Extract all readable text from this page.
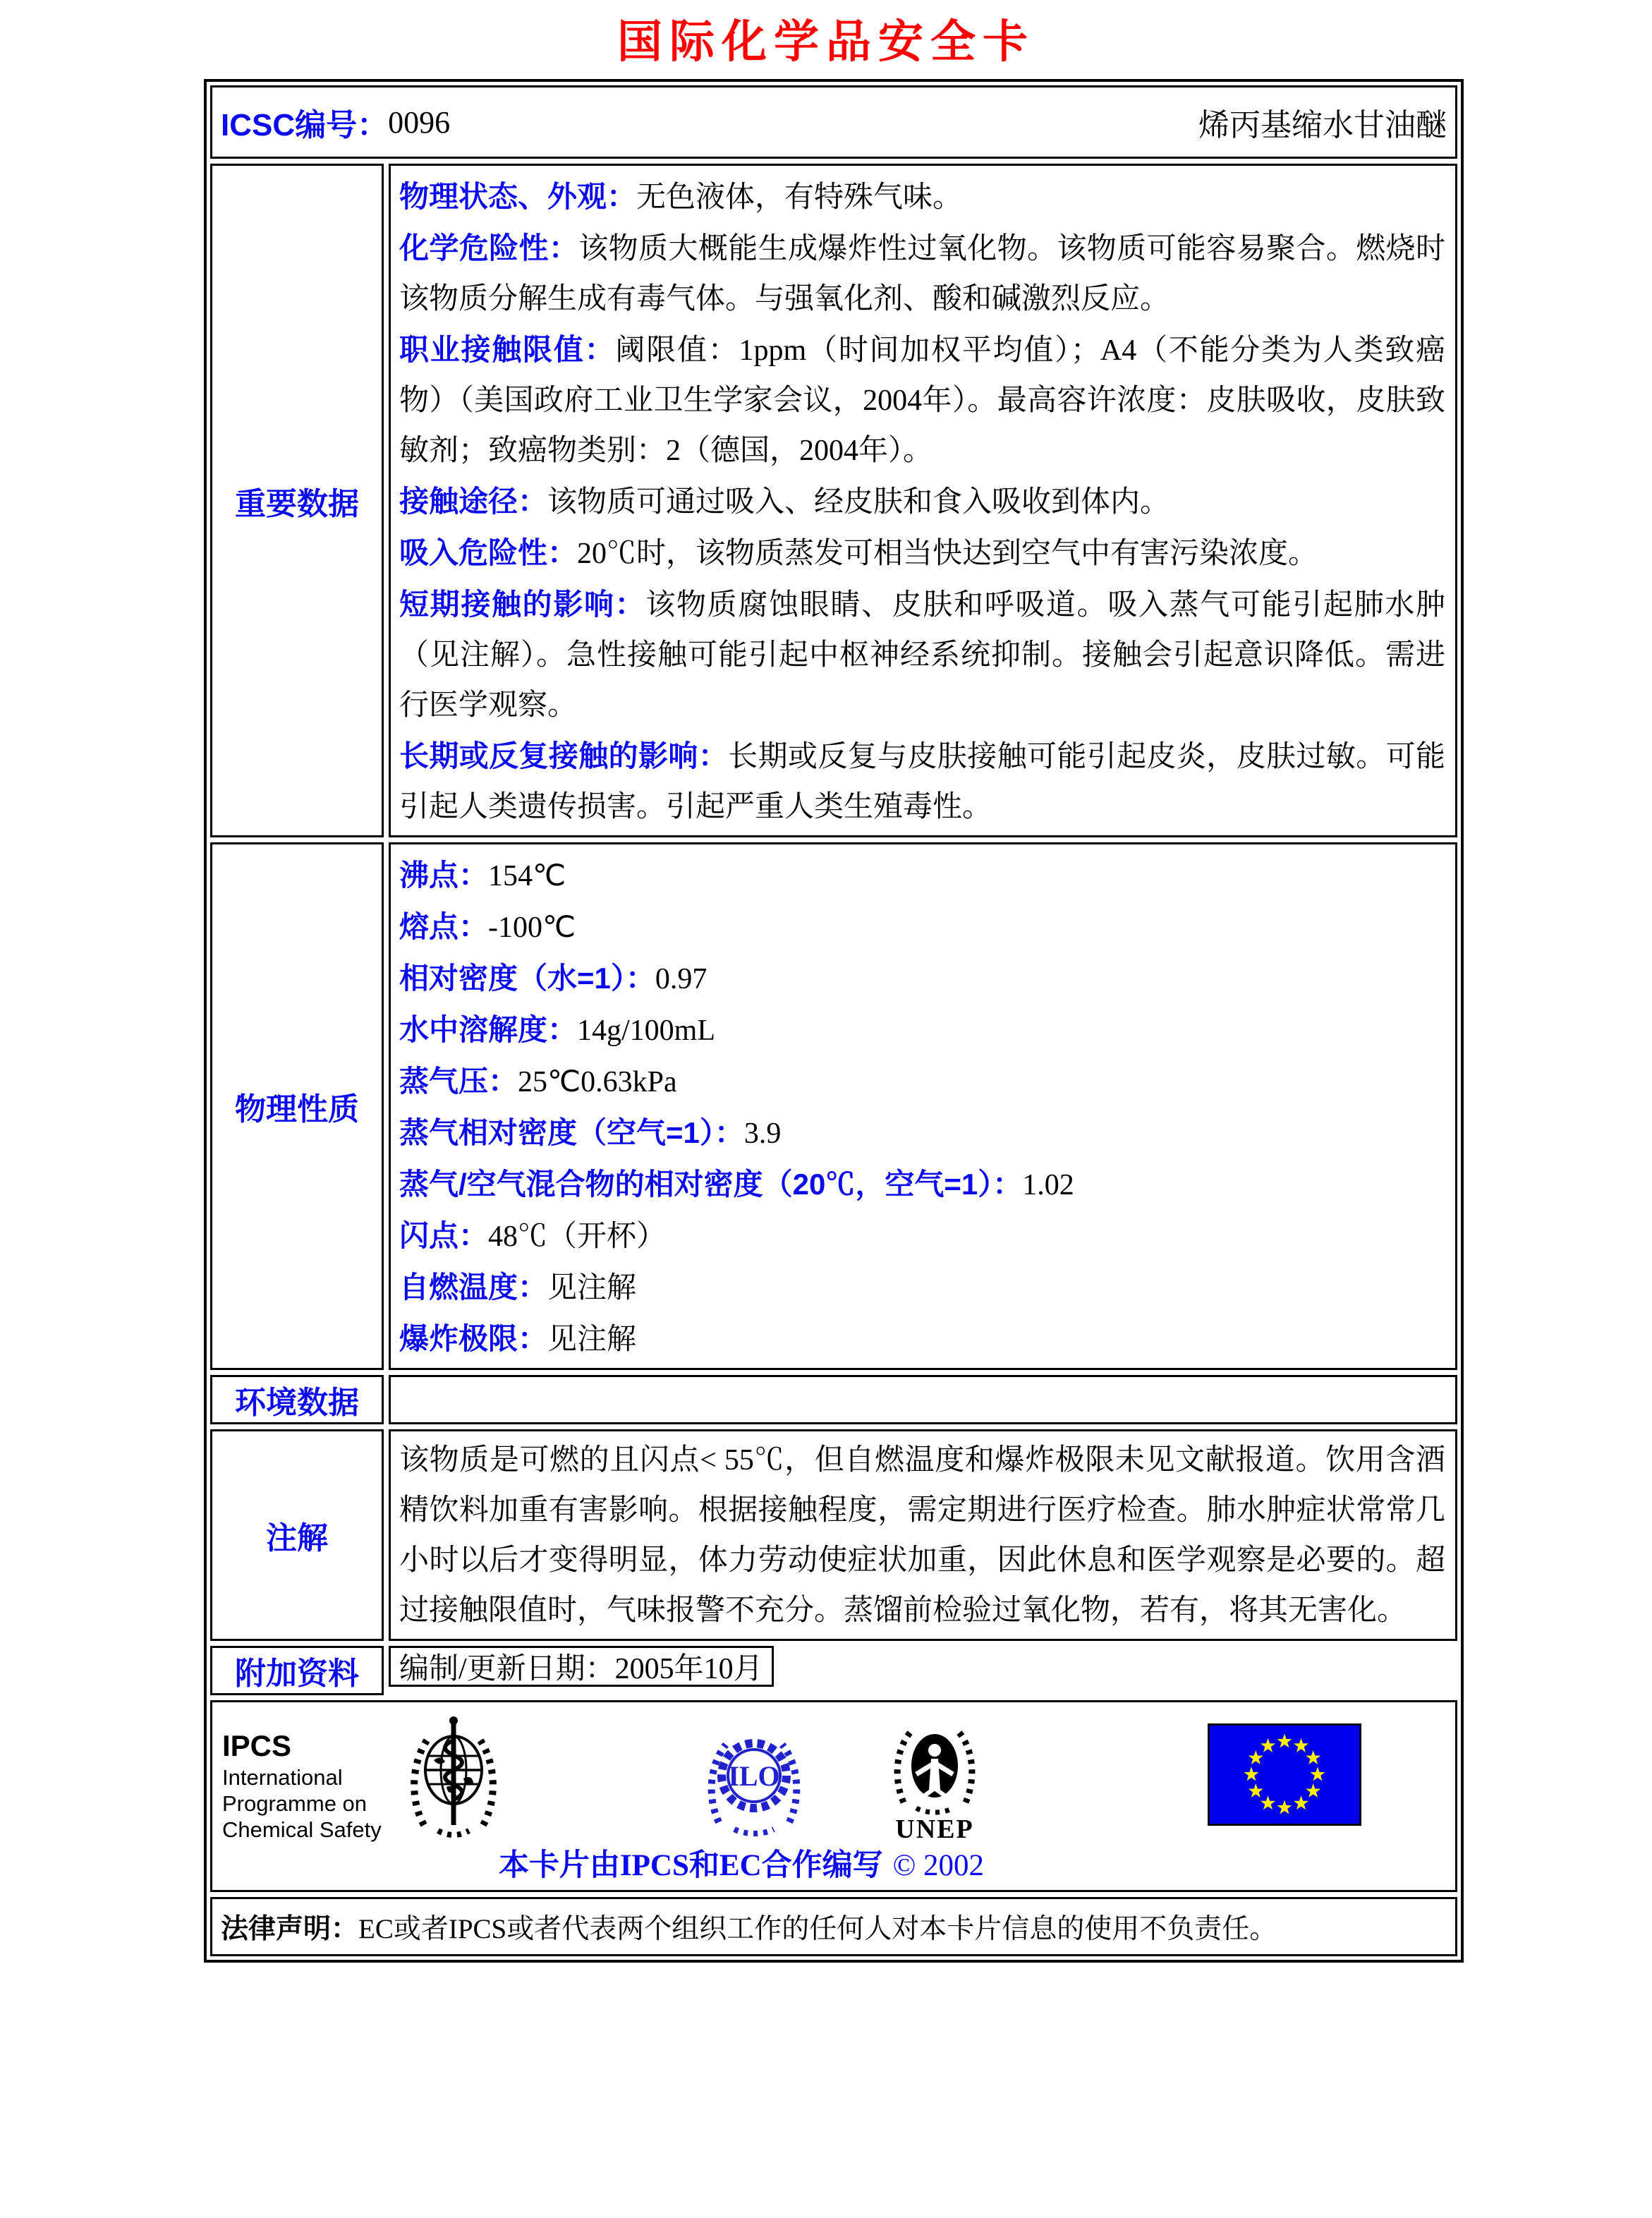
国际化学品安全卡
ICSC编号： 0096	烯丙基缩水甘油醚
重要数据

物理状态、外观：无色液体，有特殊气味。

化学危险性：该物质大概能生成爆炸性过氧化物。该物质可能容易聚合。燃烧时该物质分解生成有毒气体。与强氧化剂、酸和碱激烈反应。

职业接触限值：阈限值：1ppm（时间加权平均值）；A4（不能分类为人类致癌物）（美国政府工业卫生学家会议，2004年）。最高容许浓度：皮肤吸收，皮肤致敏剂；致癌物类别：2（德国，2004年）。

接触途径：该物质可通过吸入、经皮肤和食入吸收到体内。

吸入危险性：20℃时，该物质蒸发可相当快达到空气中有害污染浓度。

短期接触的影响：该物质腐蚀眼睛、皮肤和呼吸道。吸入蒸气可能引起肺水肿（见注解）。急性接触可能引起中枢神经系统抑制。接触会引起意识降低。需进行医学观察。

长期或反复接触的影响：长期或反复与皮肤接触可能引起皮炎，皮肤过敏。可能引起人类遗传损害。引起严重人类生殖毒性。

物理性质

沸点：154℃

熔点：-100℃

相对密度（水=1）：0.97

水中溶解度：14g/100mL

蒸气压：25℃0.63kPa

蒸气相对密度（空气=1）：3.9

蒸气/空气混合物的相对密度（20℃，空气=1）：1.02

闪点：48℃（开杯）

自燃温度：见注解

爆炸极限：见注解

环境数据

注解

该物质是可燃的且闪点< 55℃，但自燃温度和爆炸极限未见文献报道。饮用含酒精饮料加重有害影响。根据接触程度，需定期进行医疗检查。肺水肿症状常常几小时以后才变得明显，体力劳动使症状加重，因此休息和医学观察是必要的。超过接触限值时，气味报警不充分。蒸馏前检验过氧化物，若有，将其无害化。

附加资料 编制/更新日期：2005年10月
IPCS
International
Programme on
Chemical Safety
ILO
UNEP
本卡片由IPCS和EC合作编写 © 2002
法律声明： EC或者IPCS或者代表两个组织工作的任何人对本卡片信息的使用不负责任。
